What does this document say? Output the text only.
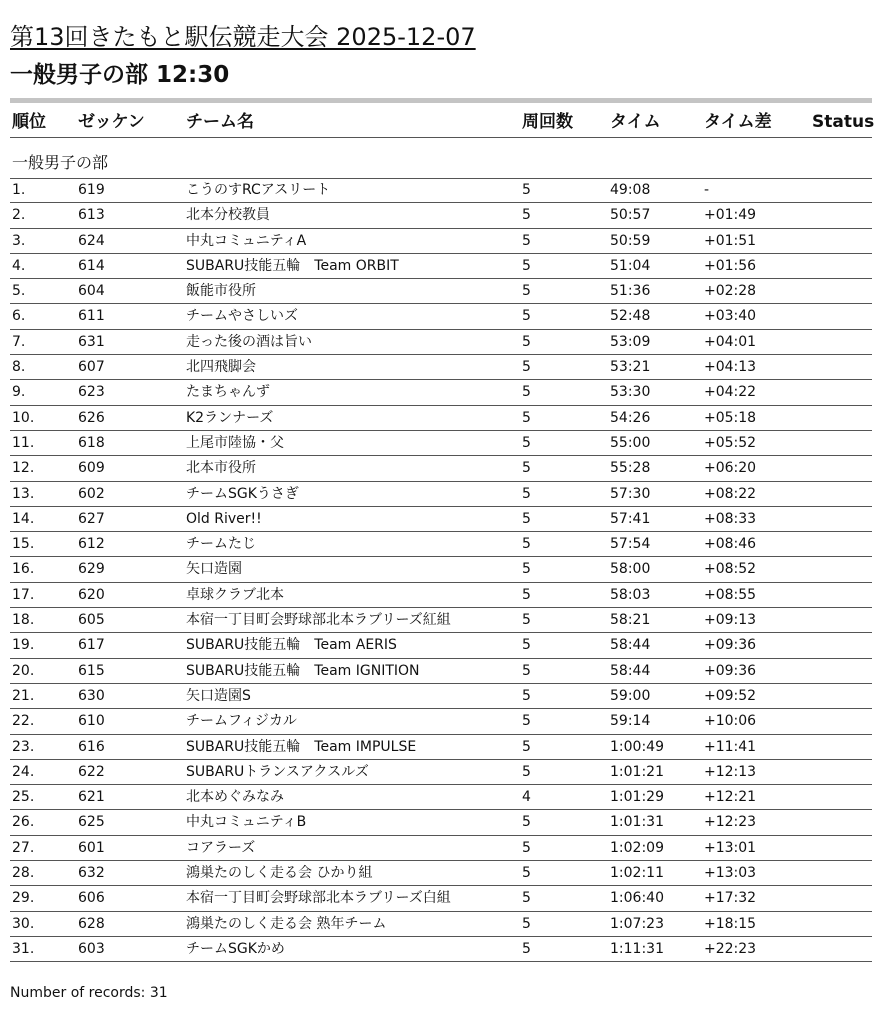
第13回きたもと駅伝競走大会 2025-12-07
一般男子の部 12:30
順位 ゼッケン チーム名	周回数 タイム	タイム差 Status
一般男子の部
1.	619	こうのすRCアスリート	5	49:08	-
2.	613	北本分校教員	5	50:57	+01:49
3.	624	中丸コミュニティA	5	50:59	+01:51
4.	614	SUBARU技能五輪　Team ORBIT	5	51:04	+01:56
5.	604	飯能市役所	5	51:36	+02:28
6.	611	チームやさしいズ	5	52:48	+03:40
7.	631	走った後の酒は旨い	5	53:09	+04:01
8.	607	北四飛脚会	5	53:21	+04:13
9.	623	たまちゃんず	5	53:30	+04:22
10.	626	K2ランナーズ	5	54:26	+05:18
11.	618	上尾市陸協・父	5	55:00	+05:52
12.	609	北本市役所	5	55:28	+06:20
13.	602	チームSGKうさぎ	5	57:30	+08:22
14.	627	Old River!!	5	57:41	+08:33
15.	612	チームたじ	5	57:54	+08:46
16.	629	矢口造園	5	58:00	+08:52
17.	620	卓球クラブ北本	5	58:03	+08:55
18.	605	本宿一丁目町会野球部北本ラブリーズ紅組	5	58:21	+09:13
19.	617	SUBARU技能五輪　Team AERIS	5	58:44	+09:36
20.	615	SUBARU技能五輪　Team IGNITION	5	58:44	+09:36
21.	630	矢口造園S	5	59:00	+09:52
22.	610	チームフィジカル	5	59:14	+10:06
23.	616	SUBARU技能五輪　Team IMPULSE	5	1:00:49	+11:41
24.	622	SUBARUトランスアクスルズ	5	1:01:21	+12:13
25.	621	北本めぐみなみ	4	1:01:29	+12:21
26.	625	中丸コミュニティB	5	1:01:31	+12:23
27.	601	コアラーズ	5	1:02:09	+13:01
28.	632	鴻巣たのしく走る会 ひかり組	5	1:02:11	+13:03
29.	606	本宿一丁目町会野球部北本ラブリーズ白組	5	1:06:40	+17:32
30.	628	鴻巣たのしく走る会 熟年チーム	5	1:07:23	+18:15
31.	603	チームSGKかめ	5	1:11:31	+22:23
Number of records: 31
